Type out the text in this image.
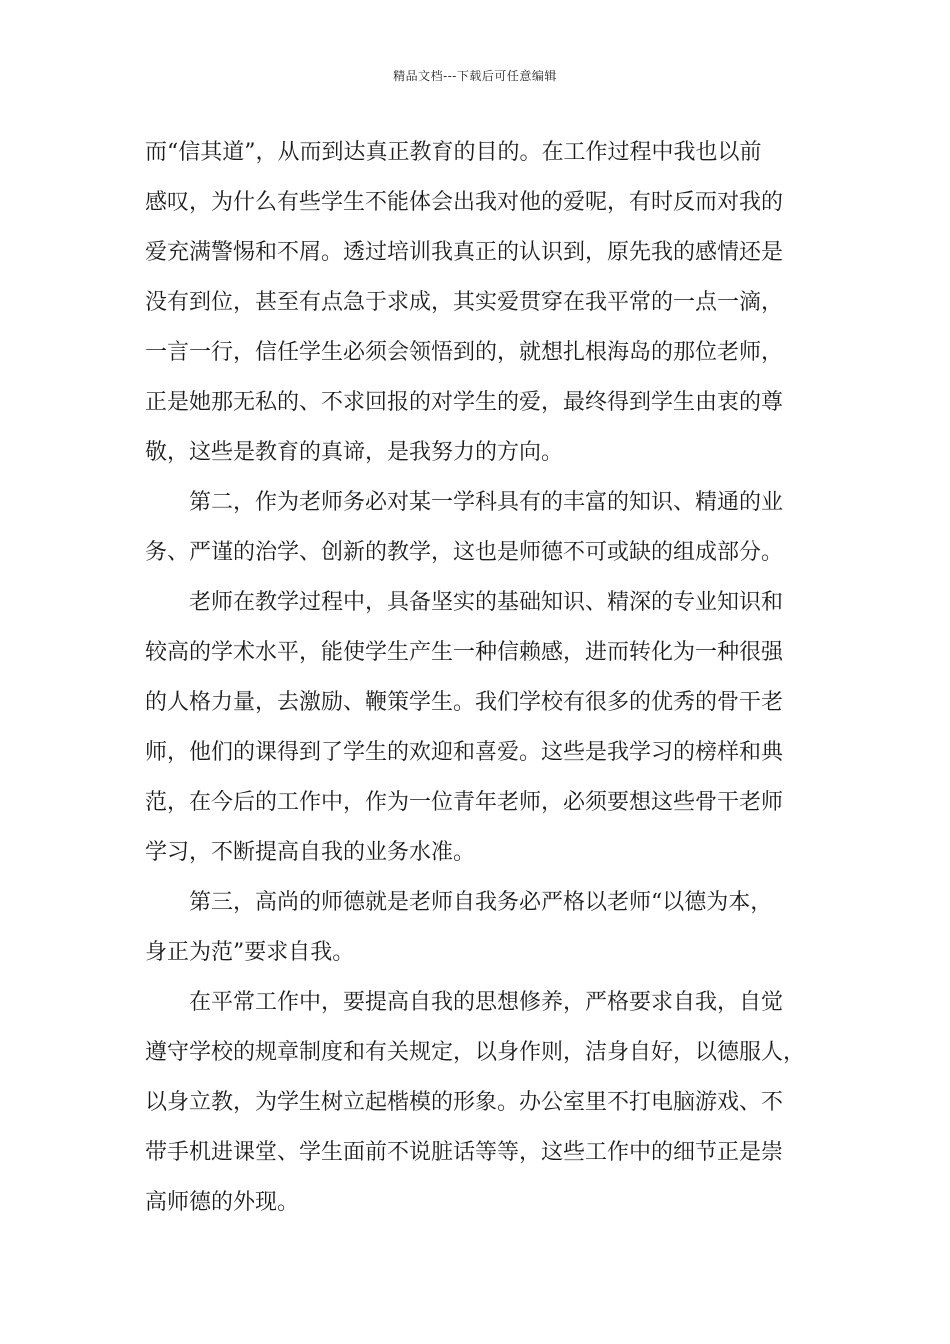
精品文档---下载后可任意编辑
而“信其道”，从而到达真正教育的目的。在工作过程中我也以前
感叹，为什么有些学生不能体会出我对他的爱呢，有时反而对我的
爱充满警惕和不屑。透过培训我真正的认识到，原先我的感情还是
没有到位，甚至有点急于求成，其实爱贯穿在我平常的一点一滴，
一言一行，信任学生必须会领悟到的，就想扎根海岛的那位老师，
正是她那无私的、不求回报的对学生的爱，最终得到学生由衷的尊
敬，这些是教育的真谛，是我努力的方向。
第二，作为老师务必对某一学科具有的丰富的知识、精通的业
务、严谨的治学、创新的教学，这也是师德不可或缺的组成部分。
老师在教学过程中，具备坚实的基础知识、精深的专业知识和
较高的学术水平，能使学生产生一种信赖感，进而转化为一种很强
的人格力量，去激励、鞭策学生。我们学校有很多的优秀的骨干老
师，他们的课得到了学生的欢迎和喜爱。这些是我学习的榜样和典
范，在今后的工作中，作为一位青年老师，必须要想这些骨干老师
学习，不断提高自我的业务水准。
第三，高尚的师德就是老师自我务必严格以老师“以德为本，
身正为范”要求自我。
在平常工作中，要提高自我的思想修养，严格要求自我，自觉
遵守学校的规章制度和有关规定，以身作则，洁身自好，以德服人，
以身立教，为学生树立起楷模的形象。办公室里不打电脑游戏、不
带手机进课堂、学生面前不说脏话等等，这些工作中的细节正是崇
高师德的外现。
